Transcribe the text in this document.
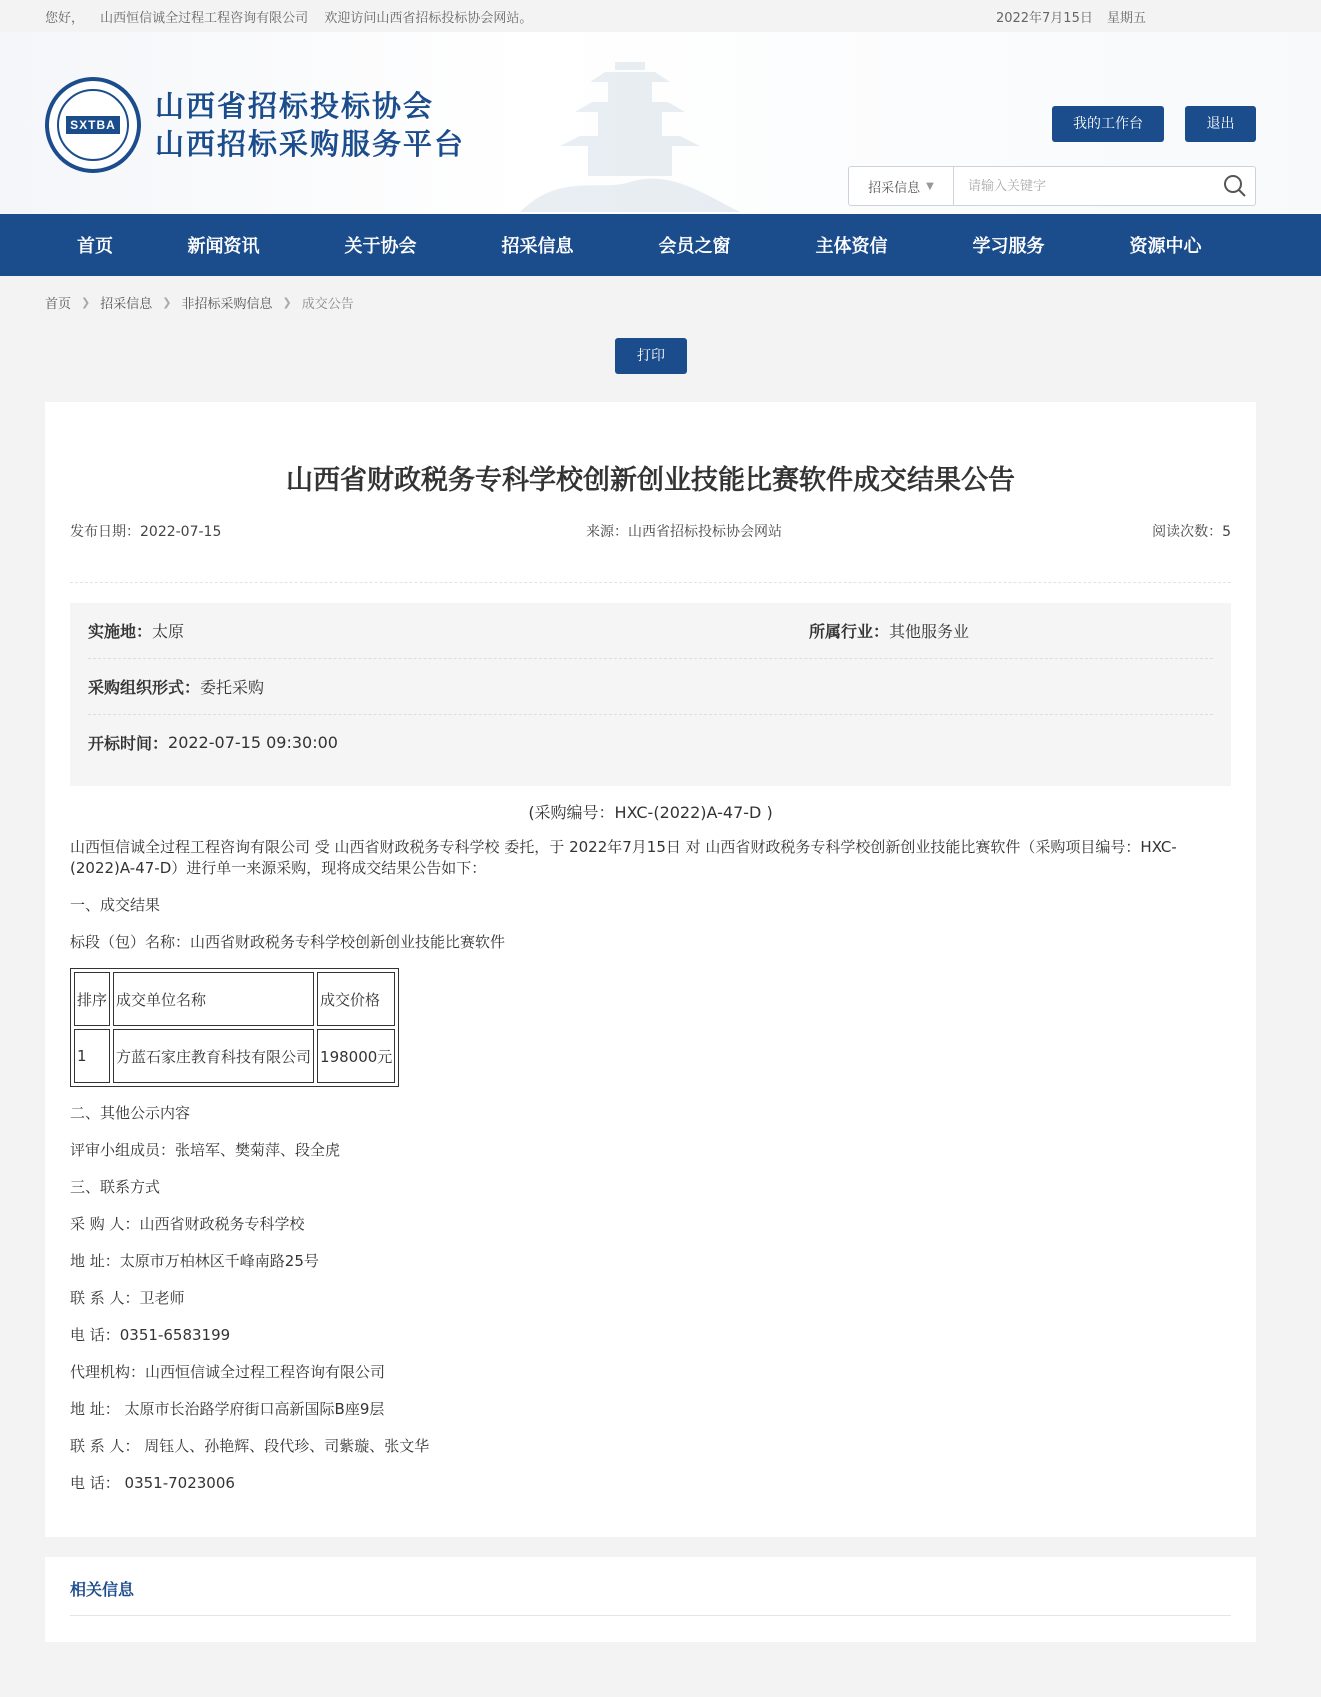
您好， 山西恒信诚全过程工程咨询有限公司 欢迎访问山西省招标投标协会网站。	2022年7月15日 星期五
SXTBA
山西省招标投标协会
山西招标采购服务平台
我的工作台	退出
招采信息 ▼
请输入关键字
首页	新闻资讯	关于协会	招采信息	会员之窗	主体资信	学习服务	资源中心
首页 ❯ 招采信息 ❯ 非招标采购信息 ❯ 成交公告
打印
山西省财政税务专科学校创新创业技能比赛软件成交结果公告
发布日期：2022-07-15	来源：山西省招标投标协会网站	阅读次数：5
实施地： 太原	所属行业：其他服务业
采购组织形式： 委托采购
开标时间： 2022-07-15 09:30:00
(采购编号：HXC-(2022)A-47-D )
山西恒信诚全过程工程咨询有限公司 受 山西省财政税务专科学校 委托，于 2022年7月15日 对 山西省财政税务专科学校创新创业技能比赛软件（采购项目编号：HXC-(2022)A-47-D）进行单一来源采购，现将成交结果公告如下：
一、成交结果
标段（包）名称：山西省财政税务专科学校创新创业技能比赛软件
排序	成交单位名称	成交价格
1	方蓝石家庄教育科技有限公司	198000元
二、其他公示内容
评审小组成员：张培军、樊菊萍、段全虎
三、联系方式
采 购 人：山西省财政税务专科学校
地 址：太原市万柏林区千峰南路25号
联 系 人：卫老师
电 话：0351-6583199
代理机构：山西恒信诚全过程工程咨询有限公司
地 址： 太原市长治路学府街口高新国际B座9层
联 系 人： 周钰人、孙艳辉、段代珍、司紫璇、张文华
电 话： 0351-7023006
相关信息
